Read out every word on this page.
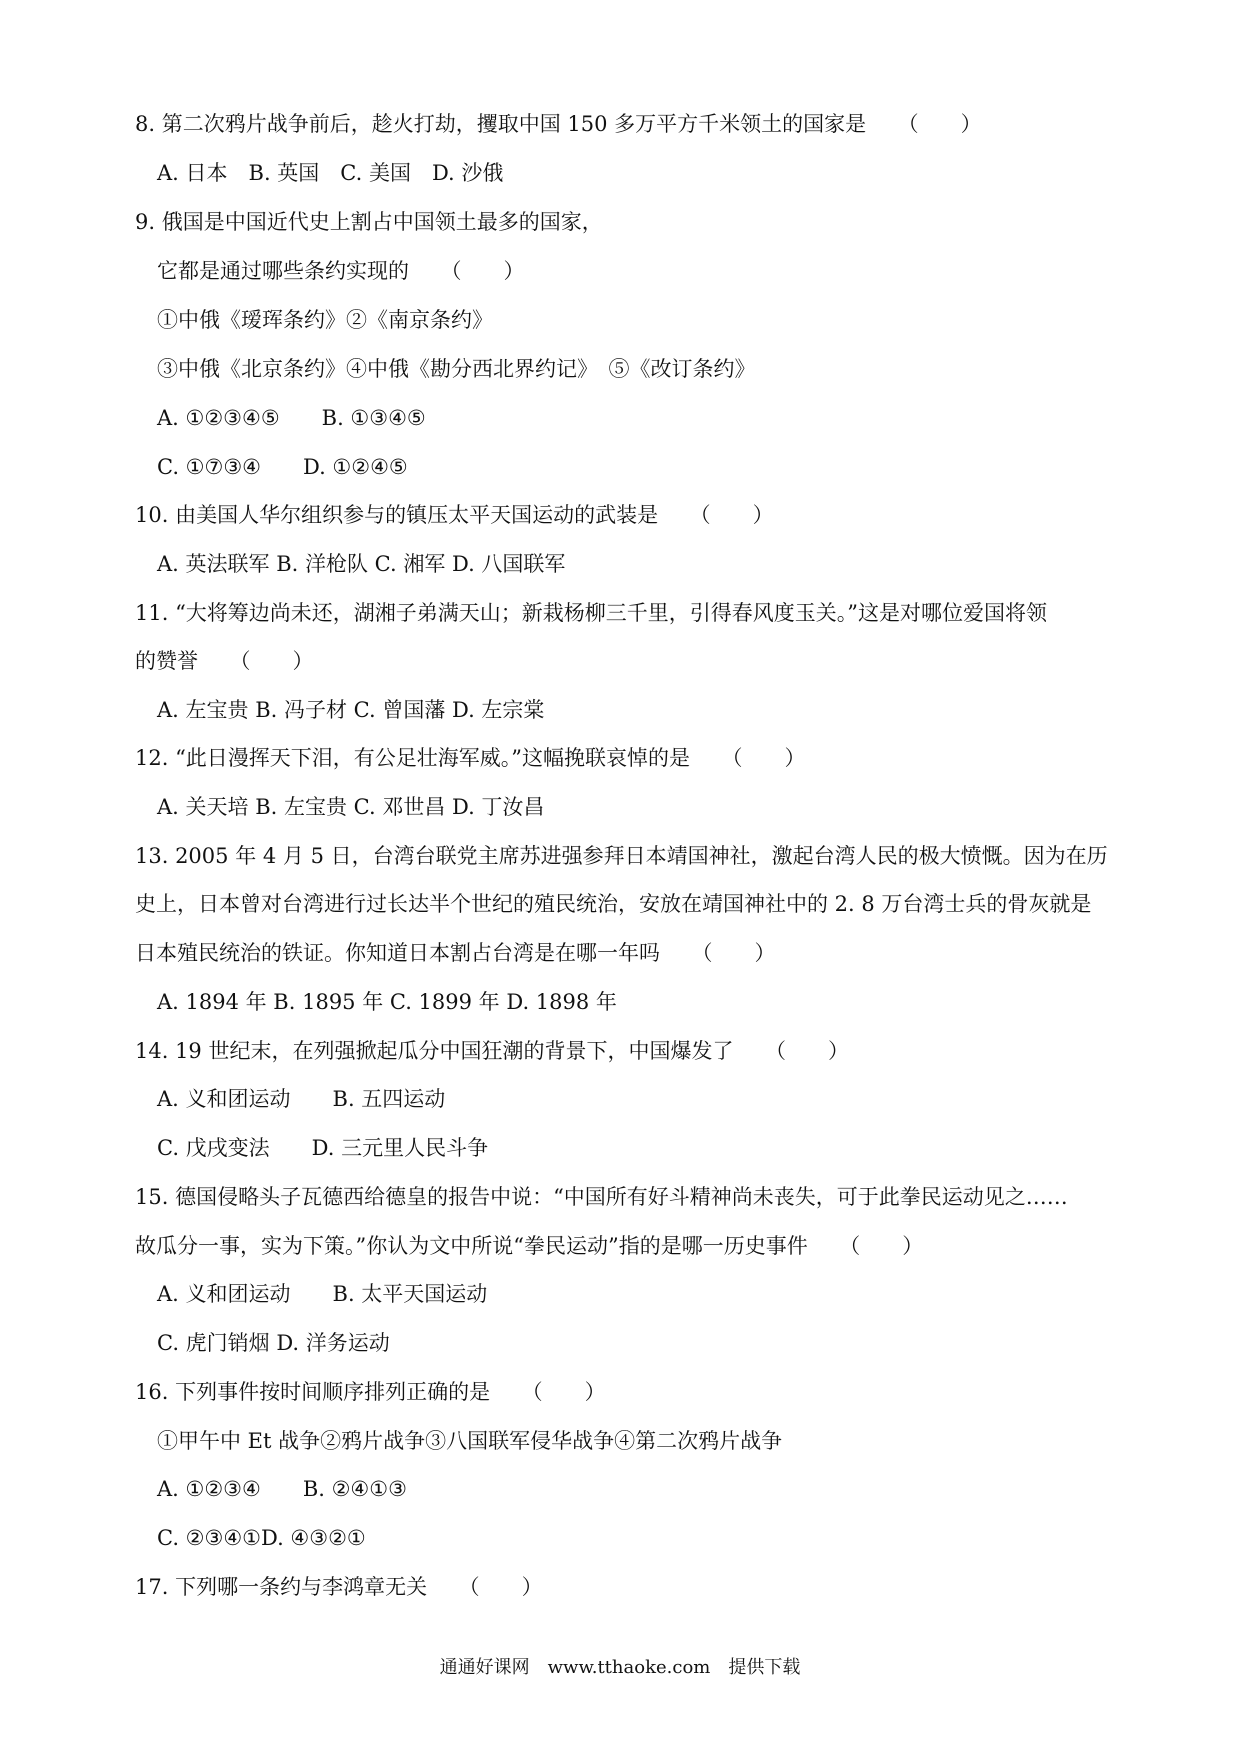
8. 第二次鸦片战争前后，趁火打劫，攫取中国 150 多万平方千米领土的国家是　　（　　）
A. 日本　B. 英国　C. 美国　D. 沙俄
9. 俄国是中国近代史上割占中国领土最多的国家，
它都是通过哪些条约实现的　　（　　）
①中俄《瑷珲条约》②《南京条约》
③中俄《北京条约》④中俄《勘分西北界约记》　⑤《改订条约》
A. ①②③④⑤　　B. ①③④⑤
C. ①⑦③④　　D. ①②④⑤
10. 由美国人华尔组织参与的镇压太平天国运动的武装是　　（　　）
A. 英法联军 B. 洋枪队 C. 湘军 D. 八国联军
11. “大将筹边尚未还，湖湘子弟满天山；新栽杨柳三千里，引得春风度玉关。”这是对哪位爱国将领
的赞誉　　（　　）
A. 左宝贵 B. 冯子材 C. 曾国藩 D. 左宗棠
12. “此日漫挥天下泪，有公足壮海军威。”这幅挽联哀悼的是　　（　　）
A. 关天培 B. 左宝贵 C. 邓世昌 D. 丁汝昌
13. 2005 年 4 月 5 日，台湾台联党主席苏进强参拜日本靖国神社，激起台湾人民的极大愤慨。因为在历
史上，日本曾对台湾进行过长达半个世纪的殖民统治，安放在靖国神社中的 2. 8 万台湾士兵的骨灰就是
日本殖民统治的铁证。你知道日本割占台湾是在哪一年吗　　（　　）
A. 1894 年 B. 1895 年 C. 1899 年 D. 1898 年
14. 19 世纪末，在列强掀起瓜分中国狂潮的背景下，中国爆发了　　（　　）
A. 义和团运动　　B. 五四运动
C. 戊戌变法　　D. 三元里人民斗争
15. 德国侵略头子瓦德西给德皇的报告中说：“中国所有好斗精神尚未丧失，可于此拳民运动见之……
故瓜分一事，实为下策。”你认为文中所说“拳民运动”指的是哪一历史事件　　（　　）
A. 义和团运动　　B. 太平天国运动
C. 虎门销烟 D. 洋务运动
16. 下列事件按时间顺序排列正确的是　　（　　）
①甲午中 Et 战争②鸦片战争③八国联军侵华战争④第二次鸦片战争
A. ①②③④　　B. ②④①③
C. ②③④①D. ④③②①
17. 下列哪一条约与李鸿章无关　　（　　）
通通好课网　www.tthaoke.com　提供下载
